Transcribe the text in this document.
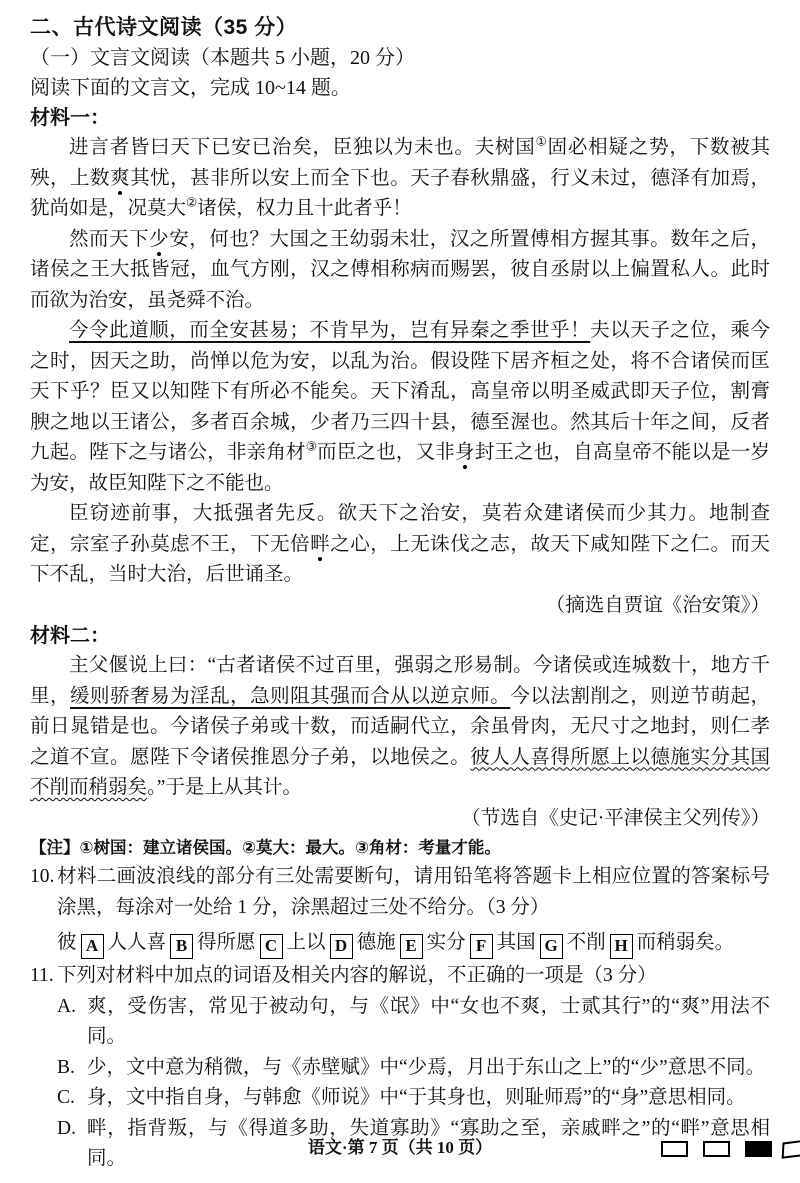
二、古代诗文阅读（35 分）
（一）文言文阅读（本题共 5 小题，20 分）

阅读下面的文言文，完成 10~14 题。

材料一：

进言者皆曰天下已安已治矣，臣独以为未也。夫树国①固必相疑之势，下数被其殃，上数爽其忧，甚非所以安上而全下也。天子春秋鼎盛，行义未过，德泽有加焉，犹尚如是，况莫大②诸侯，权力且十此者乎！

然而天下少安，何也？大国之王幼弱未壮，汉之所置傅相方握其事。数年之后，诸侯之王大抵皆冠，血气方刚，汉之傅相称病而赐罢，彼自丞尉以上偏置私人。此时而欲为治安，虽尧舜不治。

今令此道顺，而全安甚易；不肯早为，岂有异秦之季世乎！夫以天子之位，乘今之时，因天之助，尚惮以危为安，以乱为治。假设陛下居齐桓之处，将不合诸侯而匡天下乎？臣又以知陛下有所必不能矣。天下淆乱，高皇帝以明圣威武即天子位，割膏腴之地以王诸公，多者百余城，少者乃三四十县，德至渥也。然其后十年之间，反者九起。陛下之与诸公，非亲角材③而臣之也，又非身封王之也，自高皇帝不能以是一岁为安，故臣知陛下之不能也。

臣窃迹前事，大抵强者先反。欲天下之治安，莫若众建诸侯而少其力。地制查定，宗室子孙莫虑不王，下无倍畔之心，上无诛伐之志，故天下咸知陛下之仁。而天下不乱，当时大治，后世诵圣。

（摘选自贾谊《治安策》）

材料二：

主父偃说上曰：“古者诸侯不过百里，强弱之形易制。今诸侯或连城数十，地方千里，缓则骄奢易为淫乱，急则阻其强而合从以逆京师。今以法割削之，则逆节萌起，前日晁错是也。今诸侯子弟或十数，而适嗣代立，余虽骨肉，无尺寸之地封，则仁孝之道不宣。愿陛下令诸侯推恩分子弟，以地侯之。彼人人喜得所愿上以德施实分其国不削而稍弱矣。”于是上从其计。

（节选自《史记·平津侯主父列传》）

【注】①树国：建立诸侯国。②莫大：最大。③角材：考量才能。

10. 材料二画波浪线的部分有三处需要断句，请用铅笔将答题卡上相应位置的答案标号涂黑，每涂对一处给 1 分，涂黑超过三处不给分。（3 分）

彼 A 人人喜 B 得所愿 C 上以 D 德施 E 实分 F 其国 G 不削 H 而稍弱矣。

11. 下列对材料中加点的词语及相关内容的解说，不正确的一项是（3 分）

A. 爽，受伤害，常见于被动句，与《氓》中“女也不爽，士贰其行”的“爽”用法不同。
B. 少，文中意为稍微，与《赤壁赋》中“少焉，月出于东山之上”的“少”意思不同。
C. 身，文中指自身，与韩愈《师说》中“于其身也，则耻师焉”的“身”意思相同。
D. 畔，指背叛，与《得道多助，失道寡助》“寡助之至，亲戚畔之”的“畔”意思相同。
语文·第 7 页（共 10 页）
